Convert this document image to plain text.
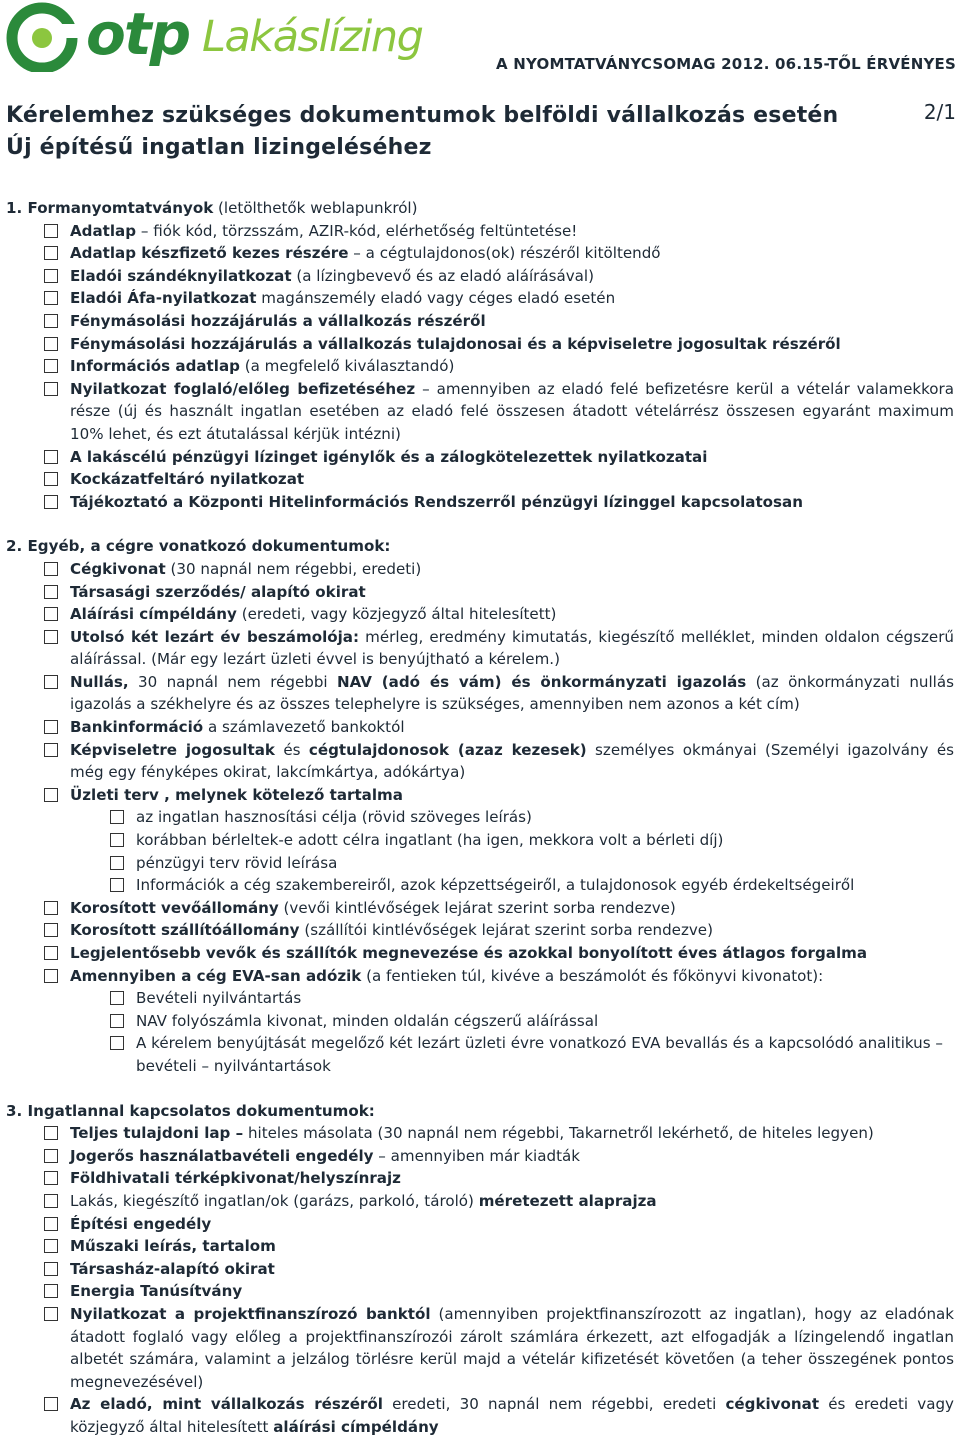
otp Lakáslízing
A NYOMTATVÁNYCSOMAG 2012. 06.15-TŐL ÉRVÉNYES
Kérelemhez szükséges dokumentumok belföldi vállalkozás esetén
Új építésű ingatlan lizingeléséhez
2/1
1. Formanyomtatványok (letölthetők weblapunkról)
Adatlap – fiók kód, törzsszám, AZIR-kód, elérhetőség feltüntetése!
Adatlap készfizető kezes részére – a cégtulajdonos(ok) részéről kitöltendő
Eladói szándéknyilatkozat (a lízingbevevő és az eladó aláírásával)
Eladói Áfa-nyilatkozat magánszemély eladó vagy céges eladó esetén
Fénymásolási hozzájárulás a vállalkozás részéről
Fénymásolási hozzájárulás a vállalkozás tulajdonosai és a képviseletre jogosultak részéről
Információs adatlap (a megfelelő kiválasztandó)
Nyilatkozat foglaló/előleg befizetéséhez – amennyiben az eladó felé befizetésre kerül a vételár valamekkora része (új és használt ingatlan esetében az eladó felé összesen átadott vételárrész összesen egyaránt maximum 10% lehet, és ezt átutalással kérjük intézni)
A lakáscélú pénzügyi lízinget igénylők és a zálogkötelezettek nyilatkozatai
Kockázatfeltáró nyilatkozat
Tájékoztató a Központi Hitelinformációs Rendszerről pénzügyi lízinggel kapcsolatosan
2. Egyéb, a cégre vonatkozó dokumentumok:
Cégkivonat (30 napnál nem régebbi, eredeti)
Társasági szerződés/ alapító okirat
Aláírási címpéldány (eredeti, vagy közjegyző által hitelesített)
Utolsó két lezárt év beszámolója: mérleg, eredmény kimutatás, kiegészítő melléklet, minden oldalon cégszerű aláírással. (Már egy lezárt üzleti évvel is benyújtható a kérelem.)
Nullás, 30 napnál nem régebbi NAV (adó és vám) és önkormányzati igazolás (az önkormányzati nullás igazolás a székhelyre és az összes telephelyre is szükséges, amennyiben nem azonos a két cím)
Bankinformáció a számlavezető bankoktól
Képviseletre jogosultak és cégtulajdonosok (azaz kezesek) személyes okmányai (Személyi igazolvány és még egy fényképes okirat, lakcímkártya, adókártya)
Üzleti terv , melynek kötelező tartalma
az ingatlan hasznosítási célja (rövid szöveges leírás)
korábban bérleltek-e adott célra ingatlant (ha igen, mekkora volt a bérleti díj)
pénzügyi terv rövid leírása
Információk a cég szakembereiről, azok képzettségeiről, a tulajdonosok egyéb érdekeltségeiről
Korosított vevőállomány (vevői kintlévőségek lejárat szerint sorba rendezve)
Korosított szállítóállomány (szállítói kintlévőségek lejárat szerint sorba rendezve)
Legjelentősebb vevők és szállítók megnevezése és azokkal bonyolított éves átlagos forgalma
Amennyiben a cég EVA-san adózik (a fentieken túl, kivéve a beszámolót és főkönyvi kivonatot):
Bevételi nyilvántartás
NAV folyószámla kivonat, minden oldalán cégszerű aláírással
A kérelem benyújtását megelőző két lezárt üzleti évre vonatkozó EVA bevallás és a kapcsolódó analitikus – bevételi – nyilvántartások
3. Ingatlannal kapcsolatos dokumentumok:
Teljes tulajdoni lap – hiteles másolata (30 napnál nem régebbi, Takarnetről lekérhető, de hiteles legyen)
Jogerős használatbavételi engedély – amennyiben már kiadták
Földhivatali térképkivonat/helyszínrajz
Lakás, kiegészítő ingatlan/ok (garázs, parkoló, tároló) méretezett alaprajza
Építési engedély
Műszaki leírás, tartalom
Társasház-alapító okirat
Energia Tanúsítvány
Nyilatkozat a projektfinanszírozó banktól (amennyiben projektfinanszírozott az ingatlan), hogy az eladónak átadott foglaló vagy előleg a projektfinanszírozói zárolt számlára érkezett, azt elfogadják a lízingelendő ingatlan albetét számára, valamint a jelzálog törlésre kerül majd a vételár kifizetését követően (a teher összegének pontos megnevezésével)
Az eladó, mint vállalkozás részéről eredeti, 30 napnál nem régebbi, eredeti cégkivonat és eredeti vagy közjegyző által hitelesített aláírási címpéldány
